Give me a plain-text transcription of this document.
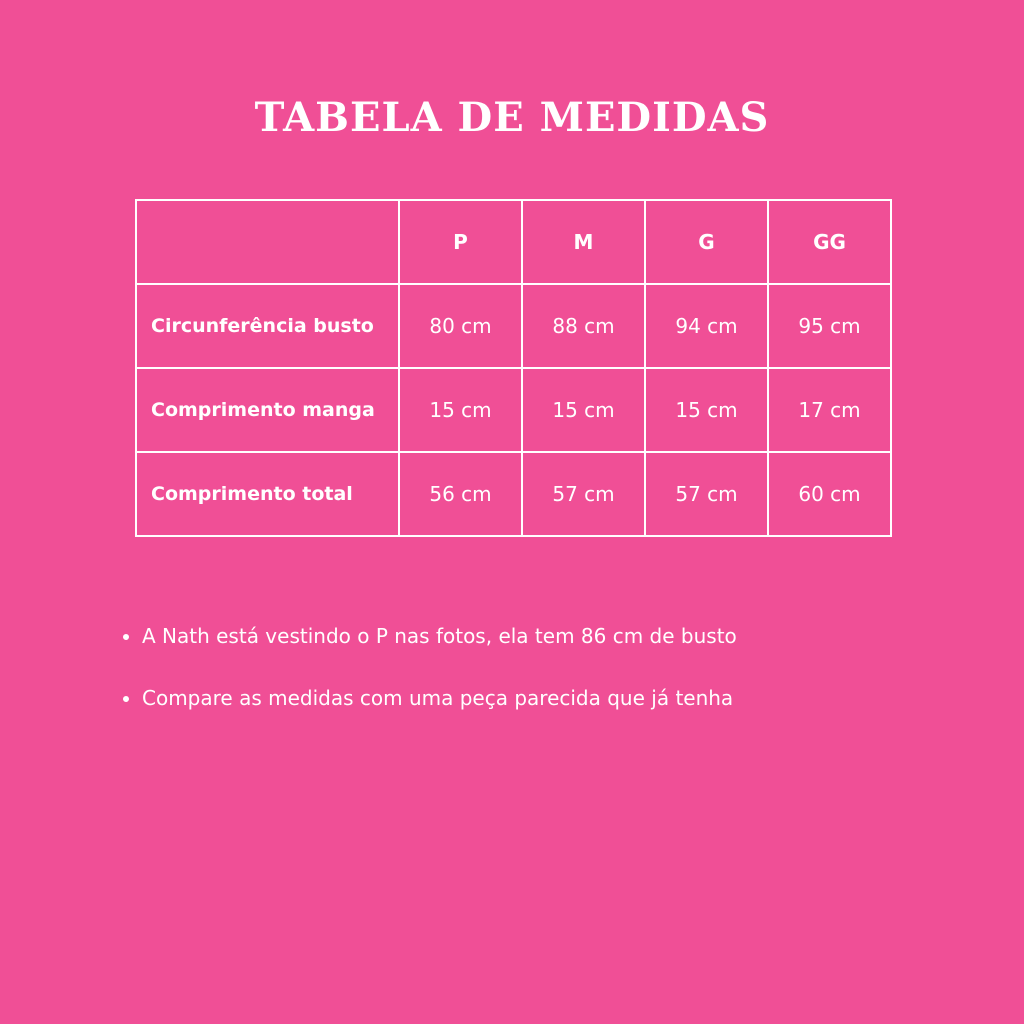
TABELA DE MEDIDAS
	P	M	G	GG
Circunferência busto	80 cm	88 cm	94 cm	95 cm
Comprimento manga	15 cm	15 cm	15 cm	17 cm
Comprimento total	56 cm	57 cm	57 cm	60 cm
A Nath está vestindo o P nas fotos, ela tem 86 cm de busto
Compare as medidas com uma peça parecida que já tenha
